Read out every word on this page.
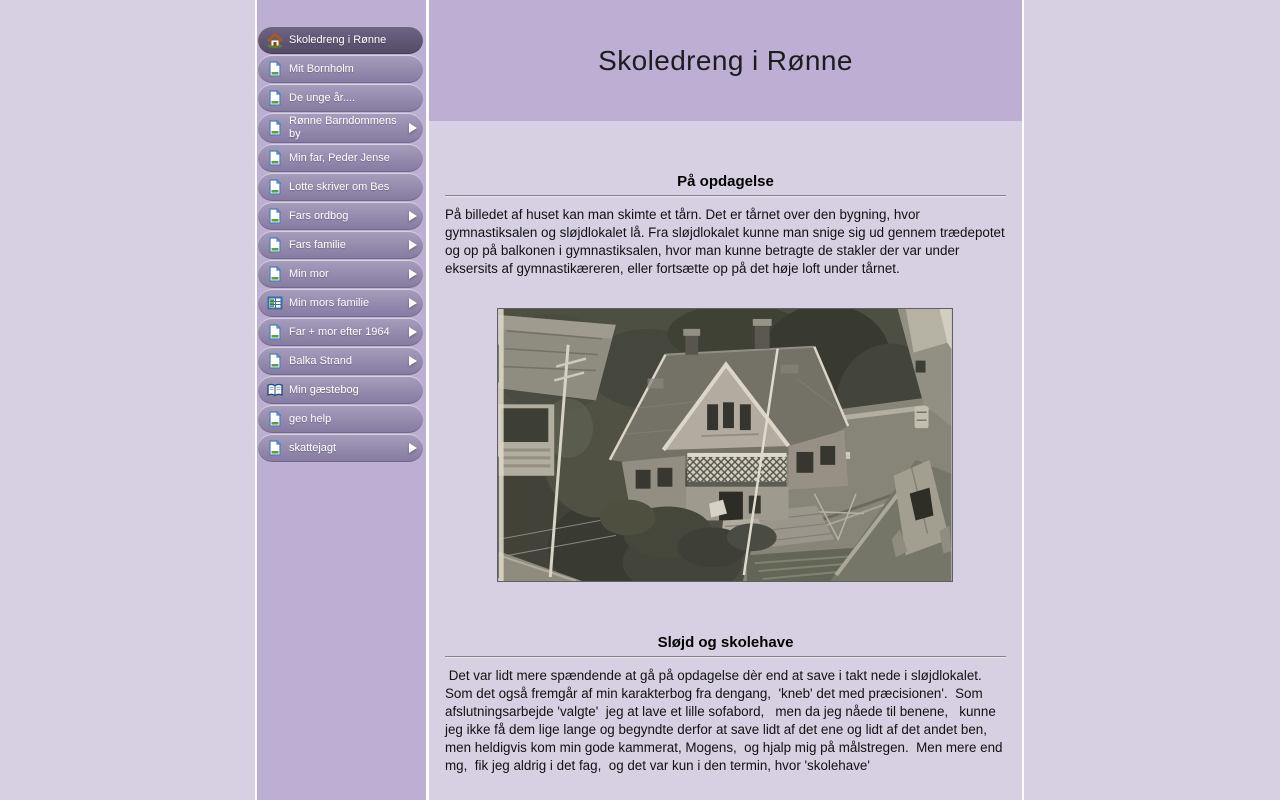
Skoledreng i Rønne
Mit Bornholm
De unge år....
Rønne Barndommens by
Min far, Peder Jense
Lotte skriver om Bes
Fars ordbog
Fars familie
Min mor
Min mors familie
Far + mor efter 1964
Balka Strand
Min gæstebog
geo help
skattejagt
Skoledreng i Rønne
På opdagelse

På billedet af huset kan man skimte et tårn. Det er tårnet over den bygning, hvor gymnastiksalen og sløjdlokalet lå. Fra sløjdlokalet kunne man snige sig ud gennem trædepotet og op på balkonen i gymnastiksalen, hvor man kunne betragte de stakler der var under eksersits af gymnastikæreren, eller fortsætte op på det høje loft under tårnet.

Sløjd og skolehave

Det var lidt mere spændende at gå på opdagelse dèr end at save i takt nede i sløjdlokalet.  Som det også fremgår af min karakterbog fra dengang,  'kneb' det med præcisionen'.  Som afslutningsarbejde 'valgte'  jeg at lave et lille sofabord,   men da jeg nåede til benene,   kunne jeg ikke få dem lige lange og begyndte derfor at save lidt af det ene og lidt af det andet ben,  men heldigvis kom min gode kammerat, Mogens,  og hjalp mig på målstregen.  Men mere end mg,  fik jeg aldrig i det fag,  og det var kun i den termin, hvor 'skolehave'
